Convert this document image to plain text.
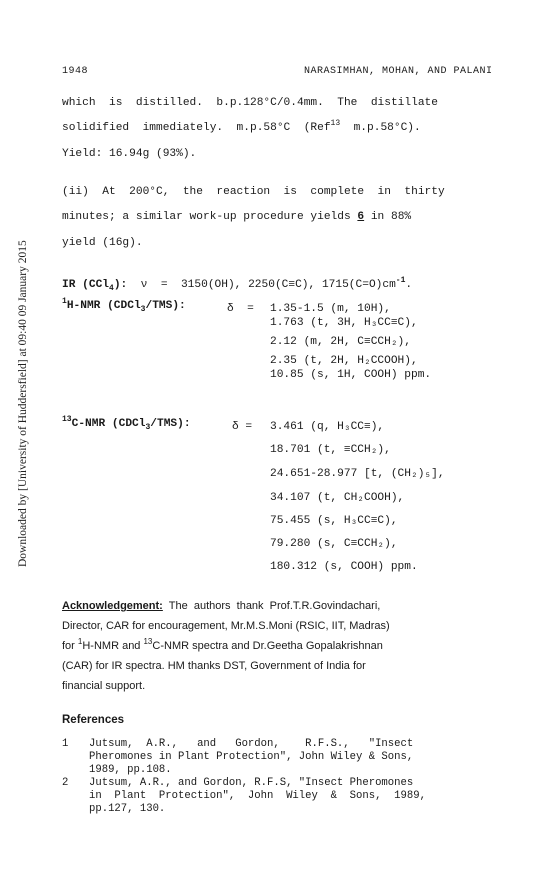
Downloaded by [University of Huddersfield] at 09:40 09 January 2015
1948	NARASIMHAN, MOHAN, AND PALANI
which  is  distilled.  b.p.128°C/0.4mm.  The  distillate
solidified  immediately.  m.p.58°C  (Ref$^{13}$  m.p.58°C).
Yield: 16.94g (93%).
(ii)  At  200°C,  the  reaction  is  complete  in  thirty
minutes; a similar work-up procedure yields 6 in 88%
yield (16g).
IR (CCl$_4$):  ν  =  3150(OH), 2250(C≡C), $1715(C=O)cm^{-1}$.
$^1$H-NMR (CDCl$_3$/TMS):	δ  = 1.35-1.5 (m, 10H),
1.763 (t, 3H, H₃CC≡C),
2.12 (m, 2H, C≡CCH₂),
2.35 (t, 2H, H₂CCOOH),
10.85 (s, 1H, COOH) ppm.
$^{13}$C-NMR (CDCl$_3$/TMS):	δ = 3.461 (q, H₃CC≡),
18.701 (t, ≡CCH₂),
24.651-28.977 [t, (CH₂)₅],
34.107 (t, CH₂COOH),
75.455 (s, H₃CC≡C),
79.280 (s, C≡CCH₂),
180.312 (s, COOH) ppm.
Acknowledgement:  The  authors  thank  Prof.T.R.Govindachari,
Director, CAR for encouragement, Mr.M.S.Moni (RSIC, IIT, Madras)
for $^1$H-NMR and $^{13}$C-NMR spectra and Dr.Geetha Gopalakrishnan
(CAR) for IR spectra. HM thanks DST, Government of India for
financial support.
References
1 Jutsum,  A.R.,   and   Gordon,    R.F.S.,   "Insect
Pheromones in Plant Protection", John Wiley & Sons,
1989, pp.108.
2 Jutsum, A.R., and Gordon, R.F.S, "Insect Pheromones
in  Plant  Protection",  John  Wiley  &  Sons,  1989,
pp.127, 130.
